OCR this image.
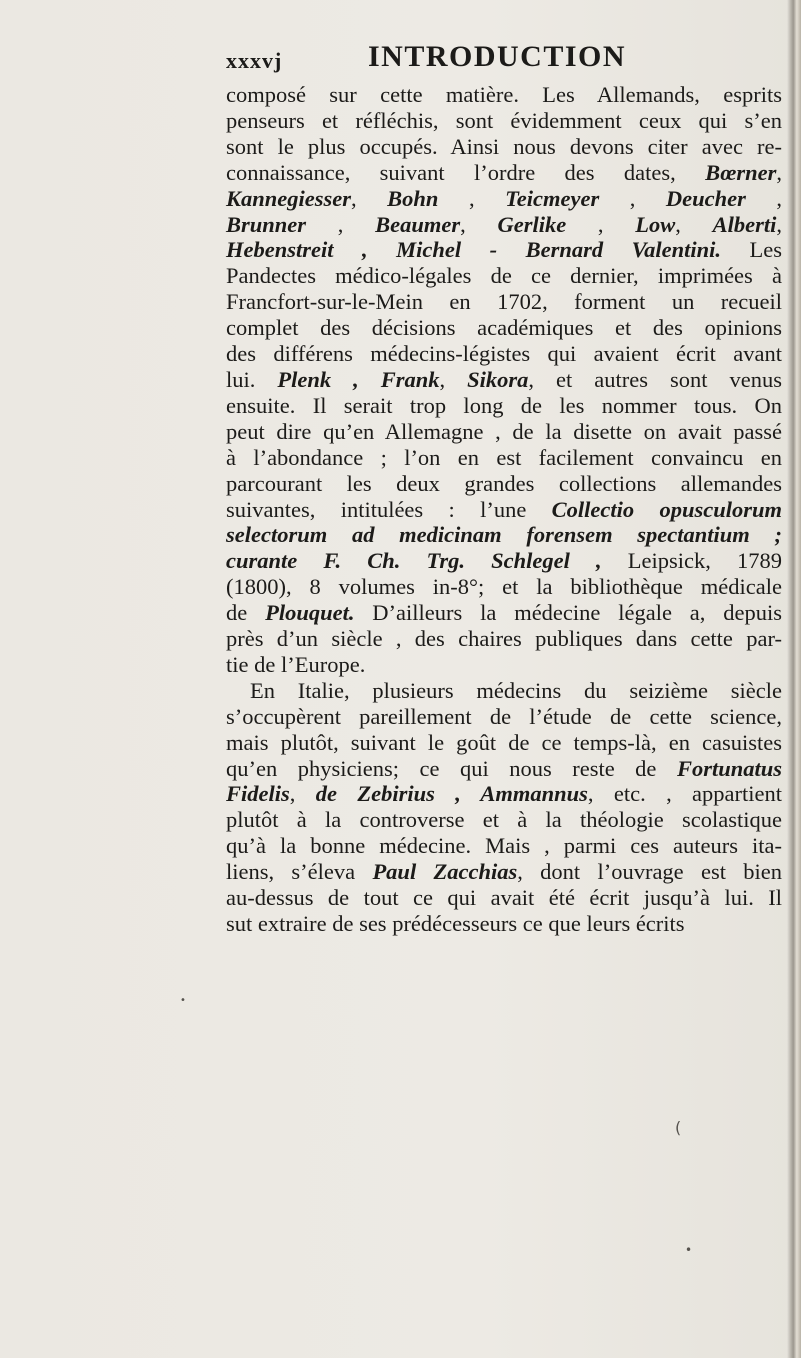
xxxvj	INTRODUCTION
composé sur cette matière. Les Allemands, esprits
penseurs et réfléchis, sont évidemment ceux qui s’en
sont le plus occupés. Ainsi nous devons citer avec re-
connaissance, suivant l’ordre des dates, Bœrner,
Kannegiesser, Bohn , Teicmeyer , Deucher ,
Brunner , Beaumer, Gerlike , Low, Alberti,
Hebenstreit , Michel - Bernard Valentini. Les
Pandectes médico-légales de ce dernier, imprimées à
Francfort-sur-le-Mein en 1702, forment un recueil
complet des décisions académiques et des opinions
des différens médecins-légistes qui avaient écrit avant
lui. Plenk , Frank, Sikora, et autres sont venus
ensuite. Il serait trop long de les nommer tous. On
peut dire qu’en Allemagne , de la disette on avait passé
à l’abondance ; l’on en est facilement convaincu en
parcourant les deux grandes collections allemandes
suivantes, intitulées : l’une Collectio opusculorum
selectorum ad medicinam forensem spectantium ;
curante F. Ch. Trg. Schlegel , Leipsick, 1789
(1800), 8 volumes in-8°; et la bibliothèque médicale
de Plouquet. D’ailleurs la médecine légale a, depuis
près d’un siècle , des chaires publiques dans cette par-
tie de l’Europe.
En Italie, plusieurs médecins du seizième siècle
s’occupèrent pareillement de l’étude de cette science,
mais plutôt, suivant le goût de ce temps-là, en casuistes
qu’en physiciens; ce qui nous reste de Fortunatus
Fidelis, de Zebirius , Ammannus, etc. , appartient
plutôt à la controverse et à la théologie scolastique
qu’à la bonne médecine. Mais , parmi ces auteurs ita-
liens, s’éleva Paul Zacchias, dont l’ouvrage est bien
au-dessus de tout ce qui avait été écrit jusqu’à lui. Il
sut extraire de ses prédécesseurs ce que leurs écrits
(
•
•
